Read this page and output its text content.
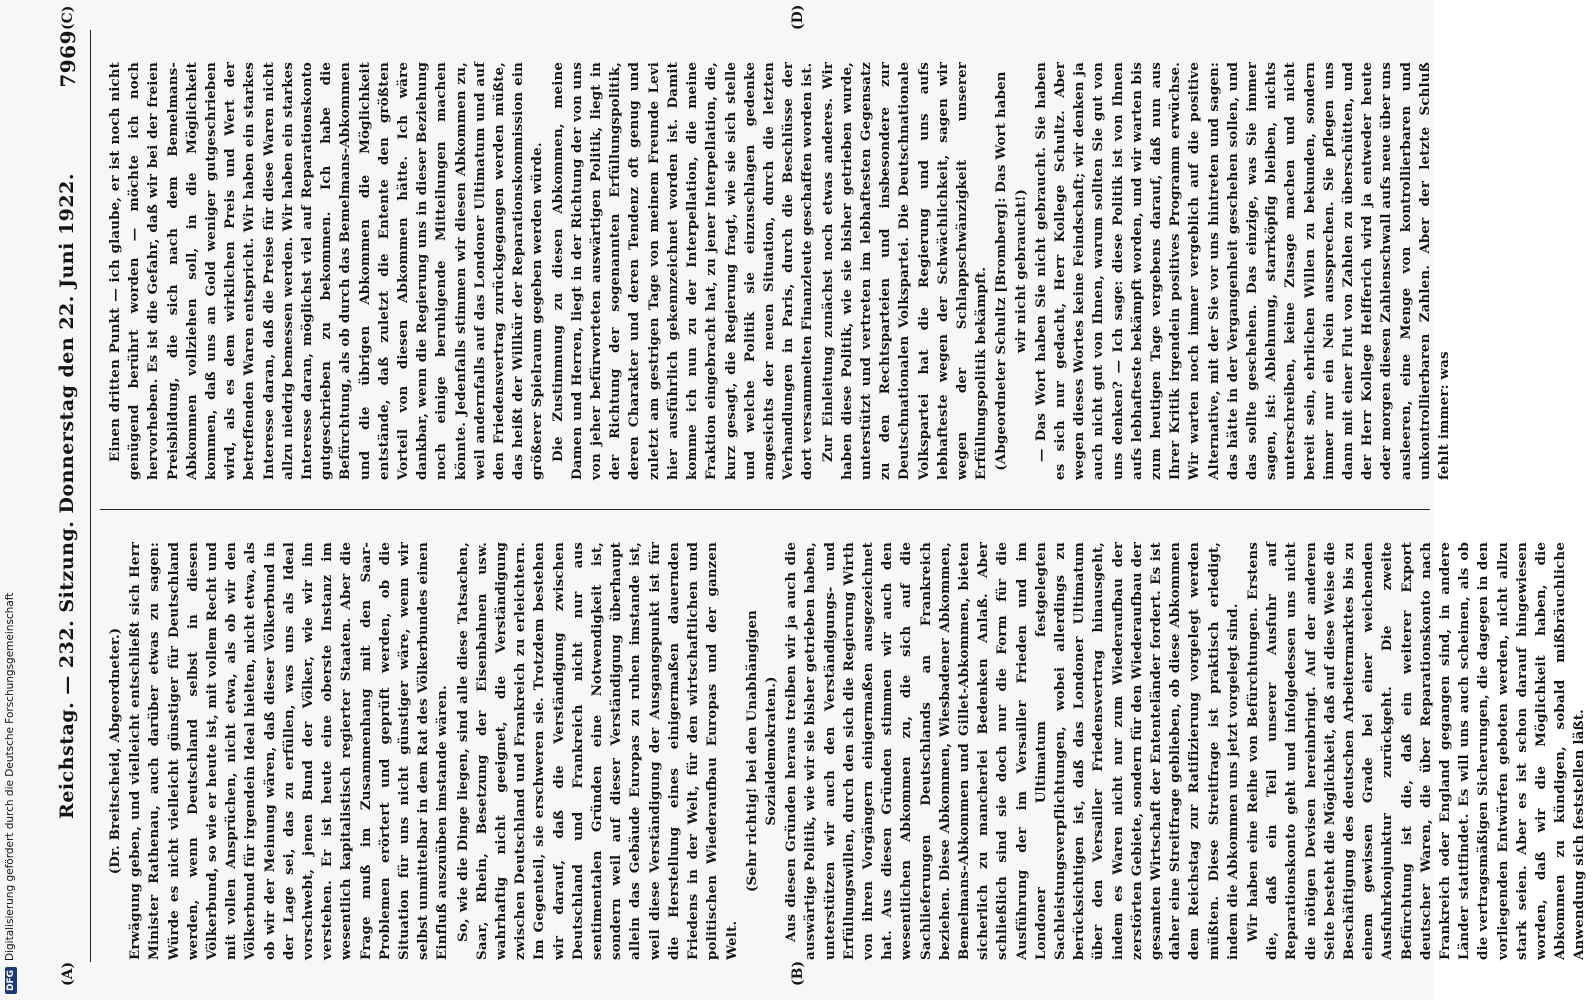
Reichstag. — 232. Sitzung. Donnerstag den 22. Juni 1922.
7969
(A)	(B)
(C)	(D)

(Dr. Breitscheid, Abgeordneter.) Erwägung geben, und vielleicht entschließt sich Herr Minister Rathenau, auch darüber etwas zu sagen: Würde es nicht vielleicht günstiger für Deutschland werden, wenn Deutschland selbst in diesen Völkerbund, so wie er heute ist, mit vollem Recht und mit vollen Ansprüchen, nicht etwa, als ob wir den Völkerbund für irgendein Ideal hielten, nicht etwa, als ob wir der Meinung wären, daß dieser Völkerbund in der Lage sei, das zu erfüllen, was uns als Ideal vorschwebt, jenen Bund der Völker, wie wir ihn verstehen. Er ist heute eine oberste Instanz im wesentlich kapitalistisch regierter Staaten. Aber die Frage muß im Zusammenhang mit den Saar-Problemen erörtert und geprüft werden, ob die Situation für uns nicht günstiger wäre, wenn wir selbst unmittelbar in dem Rat des Völkerbundes einen Einfluß auszuüben imstande wären. So, wie die Dinge liegen, sind alle diese Tatsachen, Saar, Rhein, Besetzung der Eisenbahnen usw. wahrhaftig nicht geeignet, die Verständigung zwischen Deutschland und Frankreich zu erleichtern. Im Gegenteil, sie erschweren sie. Trotzdem bestehen wir darauf, daß die Verständigung zwischen Deutschland und Frankreich nicht nur aus sentimentalen Gründen eine Notwendigkeit ist, sondern weil auf dieser Verständigung überhaupt allein das Gebäude Europas zu ruhen imstande ist, weil diese Verständigung der Ausgangspunkt ist für die Herstellung eines einigermaßen dauernden Friedens in der Welt, für den wirtschaftlichen und politischen Wiederaufbau Europas und der ganzen Welt.

(Sehr richtig! bei den Unabhängigen Sozialdemokraten.) Aus diesen Gründen heraus treiben wir ja auch die auswärtige Politik, wie wir sie bisher getrieben haben, unterstützen wir auch den Verständigungs- und Erfüllungswillen, durch den sich die Regierung Wirth von ihren Vorgängern einigermaßen ausgezeichnet hat. Aus diesen Gründen stimmen wir auch den wesentlichen Abkommen zu, die sich auf die Sachlieferungen Deutschlands an Frankreich beziehen. Diese Abkommen, Wiesbadener Abkommen, Bemelmans-Abkommen und Gillet-Abkommen, bieten sicherlich zu mancherlei Bedenken Anlaß. Aber schließlich sind sie doch nur die Form für die Ausführung der im Versailler Frieden und im Londoner Ultimatum festgelegten Sachleistungsverpflichtungen, wobei allerdings zu berücksichtigen ist, daß das Londoner Ultimatum über den Versailler Friedensvertrag hinausgeht, indem es Waren nicht nur zum Wiederaufbau der zerstörten Gebiete, sondern für den Wiederaufbau der gesamten Wirtschaft der Ententeländer fordert. Es ist daher eine Streitfrage geblieben, ob diese Abkommen dem Reichstag zur Ratifizierung vorgelegt werden müßten. Diese Streitfrage ist praktisch erledigt, indem die Abkommen uns jetzt vorgelegt sind. Wir haben eine Reihe von Befürchtungen. Erstens die, daß ein Teil unserer Ausfuhr auf Reparationskonto geht und infolgedessen uns nicht die nötigen Devisen hereinbringt. Auf der anderen Seite besteht die Möglichkeit, daß auf diese Weise die Beschäftigung des deutschen Arbeitermarktes bis zu einem gewissen Grade bei einer weichenden Ausfuhrkonjunktur zurückgeht. Die zweite Befürchtung ist die, daß ein weiterer Export deutscher Waren, die über Reparationskonto nach Frankreich oder England gegangen sind, in andere Länder stattfindet. Es will uns auch scheinen, als ob die vertragsmäßigen Sicherungen, die dagegen in den vorliegenden Entwürfen geboten werden, nicht allzu stark seien. Aber es ist schon darauf hingewiesen worden, daß wir die Möglichkeit haben, die Abkommen zu kündigen, sobald mißbräuchliche Anwendung sich feststellen läßt.

Einen dritten Punkt — ich glaube, er ist noch nicht genügend berührt worden — möchte ich noch hervorheben. Es ist die Gefahr, daß wir bei der freien Preisbildung, die sich nach dem Bemelmans-Abkommen vollziehen soll, in die Möglichkeit kommen, daß uns an Gold weniger gutgeschrieben wird, als es dem wirklichen Preis und Wert der betreffenden Waren entspricht. Wir haben ein starkes Interesse daran, daß die Preise für diese Waren nicht allzu niedrig bemessen werden. Wir haben ein starkes Interesse daran, möglichst viel auf Reparationskonto gutgeschrieben zu bekommen. Ich habe die Befürchtung, als ob durch das Bemelmans-Abkommen und die übrigen Abkommen die Möglichkeit entstände, daß zuletzt die Entente den größten Vorteil von diesen Abkommen hätte. Ich wäre dankbar, wenn die Regierung uns in dieser Beziehung noch einige beruhigende Mitteilungen machen könnte. Jedenfalls stimmen wir diesen Abkommen zu, weil andernfalls auf das Londoner Ultimatum und auf den Friedensvertrag zurückgegangen werden müßte, das heißt der Willkür der Reparationskommission ein größerer Spielraum gegeben werden würde. Die Zustimmung zu diesen Abkommen, meine Damen und Herren, liegt in der Richtung der von uns von jeher befürworteten auswärtigen Politik, liegt in der Richtung der sogenannten Erfüllungspolitik, deren Charakter und deren Tendenz oft genug und zuletzt am gestrigen Tage von meinem Freunde Levi hier ausführlich gekennzeichnet worden ist. Damit komme ich nun zu der Interpellation, die meine Fraktion eingebracht hat, zu jener Interpellation, die, kurz gesagt, die Regierung fragt, wie sie sich stelle und welche Politik sie einzuschlagen gedenke angesichts der neuen Situation, durch die letzten Verhandlungen in Paris, durch die Beschlüsse der dort versammelten Finanzleute geschaffen worden ist. Zur Einleitung zunächst noch etwas anderes. Wir haben diese Politik, wie sie bisher getrieben wurde, unterstützt und vertreten im lebhaftesten Gegensatz zu den Rechtsparteien und insbesondere zur Deutschnationalen Volkspartei. Die Deutschnationale Volkspartei hat die Regierung und uns aufs lebhafteste wegen der Schwächlichkeit, sagen wir wegen der Schlappschwänzigkeit unserer Erfüllungspolitik bekämpft. (Abgeordneter Schultz [Bromberg]: Das Wort haben wir nicht gebraucht!) — Das Wort haben Sie nicht gebraucht. Sie haben es sich nur gedacht, Herr Kollege Schultz. Aber wegen dieses Wortes keine Feindschaft; wir denken ja auch nicht gut von Ihnen, warum sollten Sie gut von uns denken? — Ich sage: diese Politik ist von Ihnen aufs lebhafteste bekämpft worden, und wir warten bis zum heutigen Tage vergebens darauf, daß nun aus Ihrer Kritik irgendein positives Programm erwüchse. Wir warten noch immer vergeblich auf die positive Alternative, mit der Sie vor uns hintreten und sagen: das hätte in der Vergangenheit geschehen sollen, und das sollte geschehen. Das einzige, was Sie immer sagen, ist: Ablehnung, starrköpfig bleiben, nichts unterschreiben, keine Zusage machen und nicht bereit sein, ehrlichen Willen zu bekunden, sondern immer nur ein Nein aussprechen. Sie pflegen uns dann mit einer Flut von Zahlen zu überschütten, und der Herr Kollege Helfferich wird ja entweder heute oder morgen diesen Zahlenschwall aufs neue über uns ausleeren, eine Menge von kontrollierbaren und unkontrollierbaren Zahlen. Aber der letzte Schluß fehlt immer: was

DFGDigitalisierung gefördert durch die Deutsche Forschungsgemeinschaft
